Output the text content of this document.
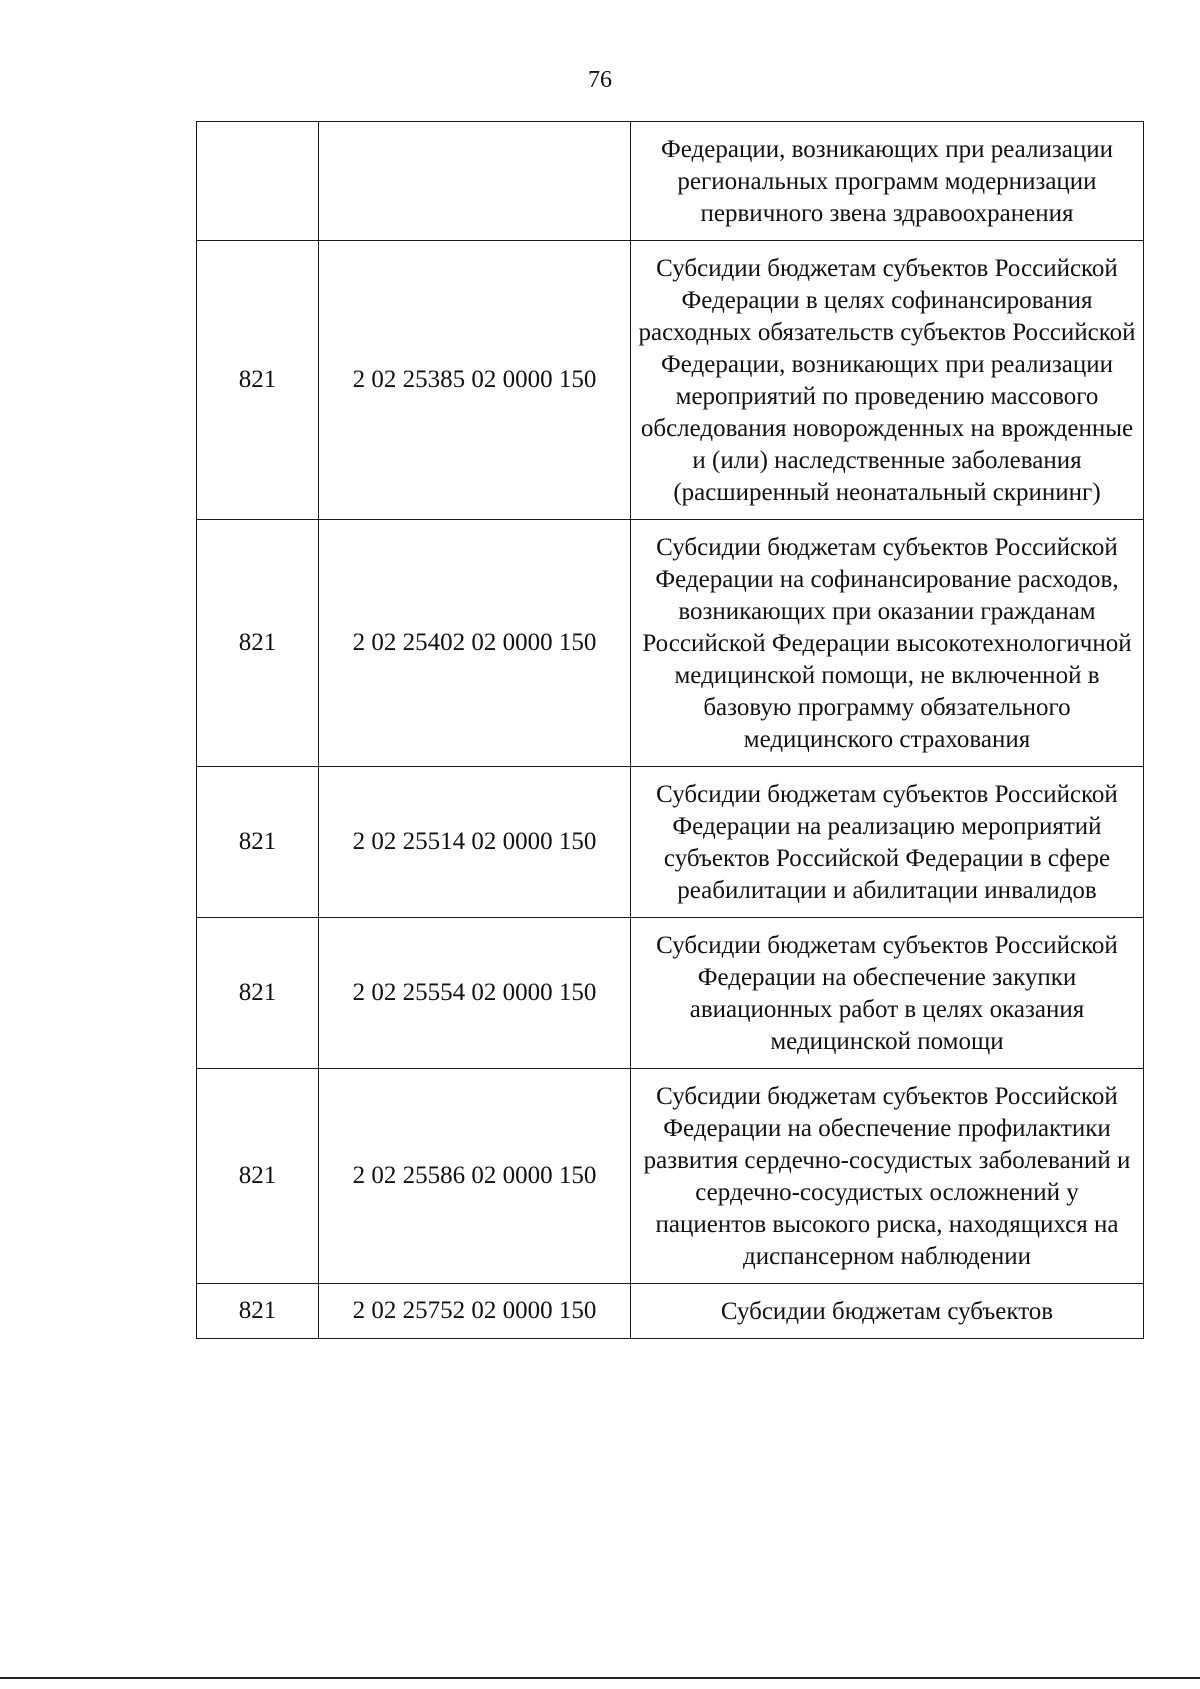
76
		Федерации, возникающих при реализации региональных программ модернизации первичного звена здравоохранения
821	2 02 25385 02 0000 150	Субсидии бюджетам субъектов Российской Федерации в целях софинансирования расходных обязательств субъектов Российской Федерации, возникающих при реализации мероприятий по проведению массового обследования новорожденных на врожденные и (или) наследственные заболевания (расширенный неонатальный скрининг)
821	2 02 25402 02 0000 150	Субсидии бюджетам субъектов Российской Федерации на софинансирование расходов, возникающих при оказании гражданам Российской Федерации высокотехнологичной медицинской помощи, не включенной в базовую программу обязательного медицинского страхования
821	2 02 25514 02 0000 150	Субсидии бюджетам субъектов Российской Федерации на реализацию мероприятий субъектов Российской Федерации в сфере реабилитации и абилитации инвалидов
821	2 02 25554 02 0000 150	Субсидии бюджетам субъектов Российской Федерации на обеспечение закупки авиационных работ в целях оказания медицинской помощи
821	2 02 25586 02 0000 150	Субсидии бюджетам субъектов Российской Федерации на обеспечение профилактики развития сердечно-сосудистых заболеваний и сердечно-сосудистых осложнений у пациентов высокого риска, находящихся на диспансерном наблюдении
821	2 02 25752 02 0000 150	Субсидии бюджетам субъектов
